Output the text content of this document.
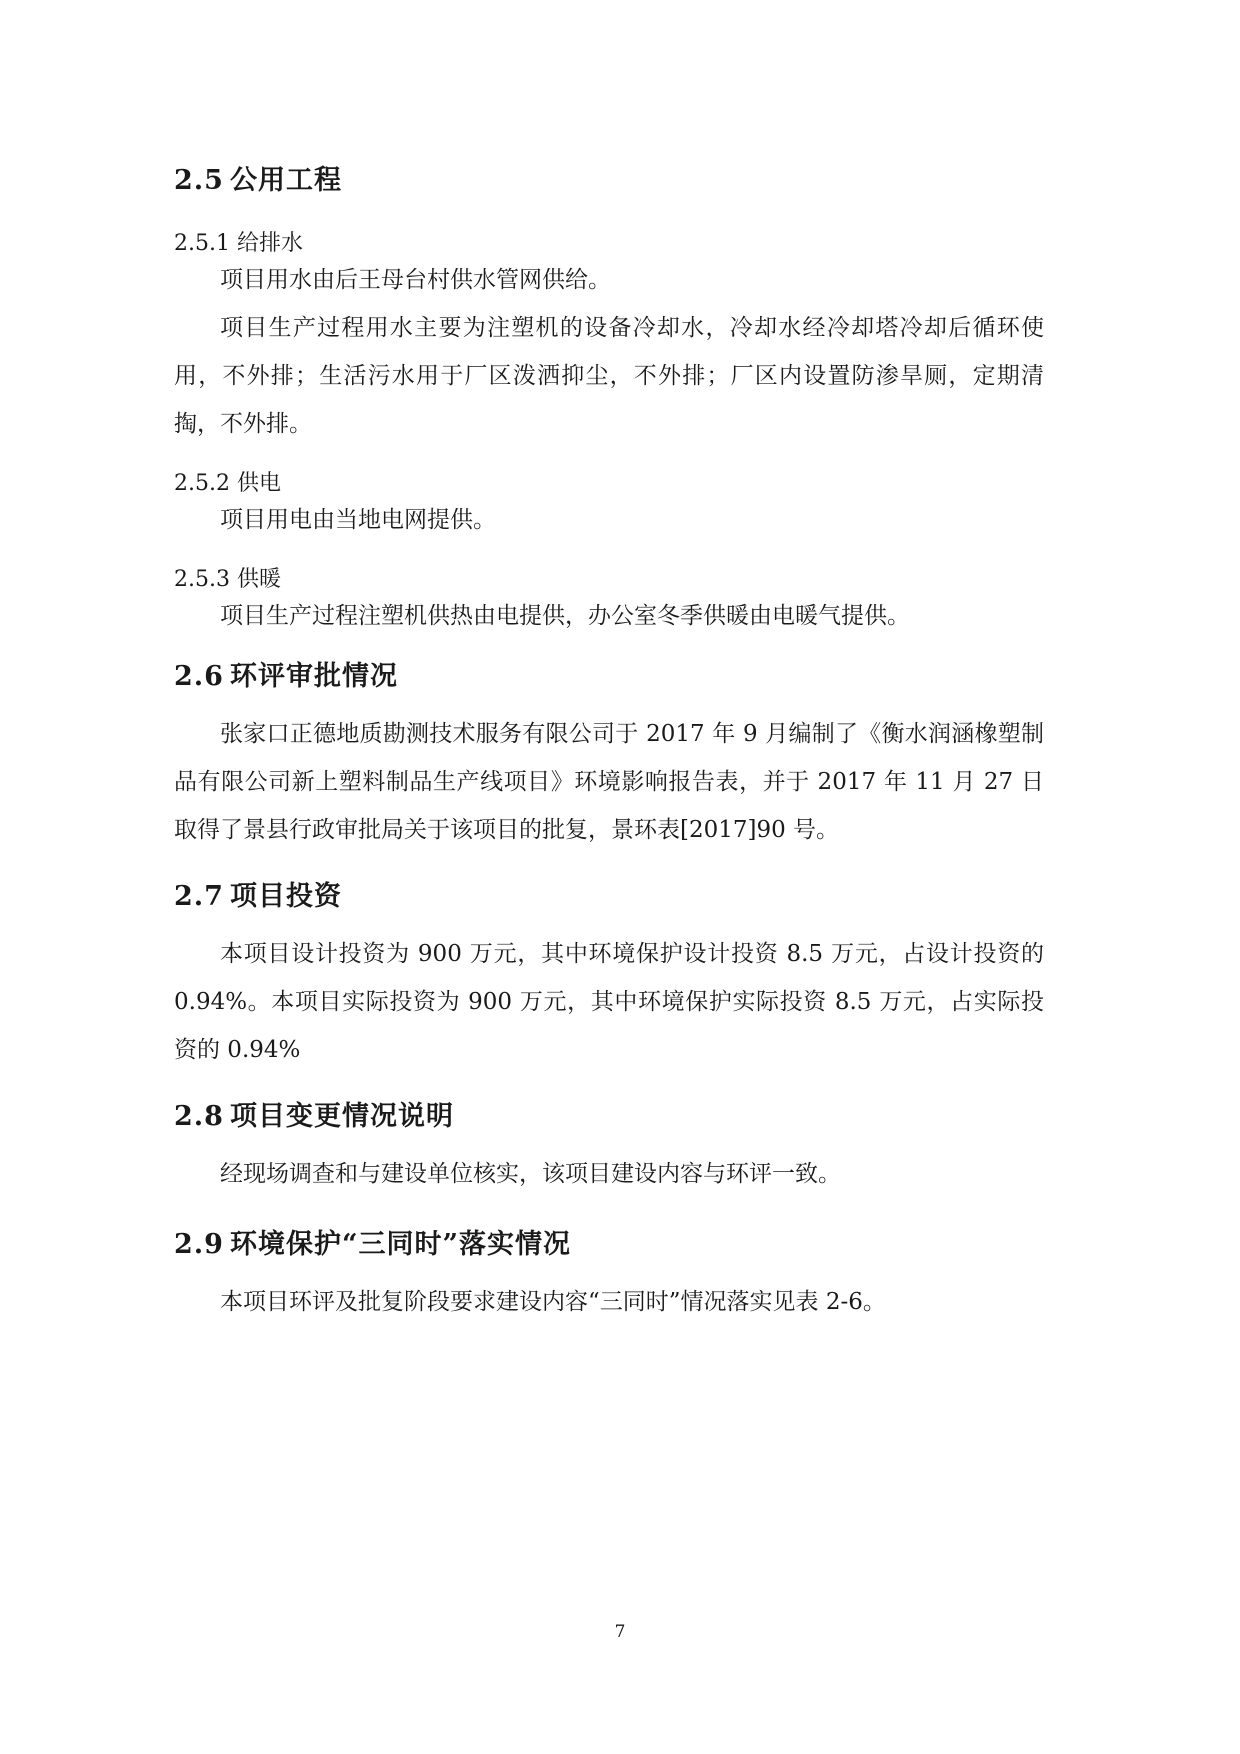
2.5 公用工程
2.5.1 给排水

项目用水由后王母台村供水管网供给。

项目生产过程用水主要为注塑机的设备冷却水，冷却水经冷却塔冷却后循环使用，不外排；生活污水用于厂区泼洒抑尘，不外排；厂区内设置防渗旱厕，定期清掏，不外排。

2.5.2 供电

项目用电由当地电网提供。

2.5.3 供暖

项目生产过程注塑机供热由电提供，办公室冬季供暖由电暖气提供。

2.6 环评审批情况

张家口正德地质勘测技术服务有限公司于 2017 年 9 月编制了《衡水润涵橡塑制品有限公司新上塑料制品生产线项目》环境影响报告表，并于 2017 年 11 月 27 日取得了景县行政审批局关于该项目的批复，景环表[2017]90 号。

2.7 项目投资

本项目设计投资为 900 万元，其中环境保护设计投资 8.5 万元，占设计投资的 0.94%。本项目实际投资为 900 万元，其中环境保护实际投资 8.5 万元，占实际投资的 0.94%

2.8 项目变更情况说明

经现场调查和与建设单位核实，该项目建设内容与环评一致。

2.9 环境保护“三同时”落实情况

本项目环评及批复阶段要求建设内容“三同时”情况落实见表 2-6。

7
